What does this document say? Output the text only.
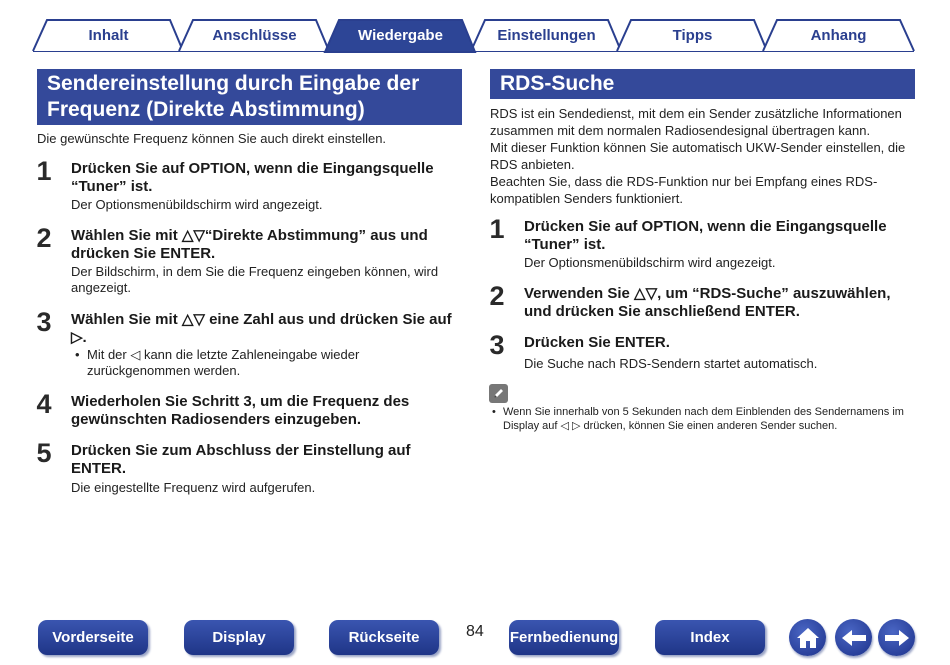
Inhalt	Anschlüsse	Wiedergabe	Einstellungen	Tipps	Anhang
Sendereinstellung durch Eingabe der
Frequenz (Direkte Abstimmung)
Die gewünschte Frequenz können Sie auch direkt einstellen.
1 Drücken Sie auf OPTION, wenn die Eingangsquelle
“Tuner” ist.
Der Optionsmenübildschirm wird angezeigt.
2 Wählen Sie mit △▽“Direkte Abstimmung” aus und
drücken Sie ENTER.
Der Bildschirm, in dem Sie die Frequenz eingeben können, wird
angezeigt.
3 Wählen Sie mit △▽ eine Zahl aus und drücken Sie auf
▷.
• Mit der ◁ kann die letzte Zahleneingabe wieder
zurückgenommen werden.
4 Wiederholen Sie Schritt 3, um die Frequenz des
gewünschten Radiosenders einzugeben.
5 Drücken Sie zum Abschluss der Einstellung auf
ENTER.
Die eingestellte Frequenz wird aufgerufen.
RDS-Suche
RDS ist ein Sendedienst, mit dem ein Sender zusätzliche Informationen
zusammen mit dem normalen Radiosendesignal übertragen kann.
Mit dieser Funktion können Sie automatisch UKW-Sender einstellen, die
RDS anbieten.
Beachten Sie, dass die RDS-Funktion nur bei Empfang eines RDS-
kompatiblen Senders funktioniert.
1 Drücken Sie auf OPTION, wenn die Eingangsquelle
“Tuner” ist.
Der Optionsmenübildschirm wird angezeigt.
2 Verwenden Sie △▽, um “RDS-Suche” auszuwählen,
und drücken Sie anschließend ENTER.
3 Drücken Sie ENTER.
Die Suche nach RDS-Sendern startet automatisch.
• Wenn Sie innerhalb von 5 Sekunden nach dem Einblenden des Sendernamens im
Display auf ◁ ▷ drücken, können Sie einen anderen Sender suchen.
Vorderseite	Display	Rückseite	84 Fernbedienung	Index
